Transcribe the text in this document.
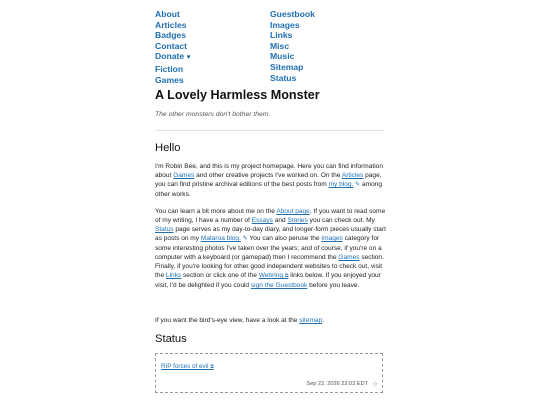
About
Articles
Badges
Contact
Donate ♥
Fiction
Games
Guestbook
Images
Links
Misc
Music
Sitemap
Status
A Lovely Harmless Monster

The other monsters don't bother them.

Hello

I'm Robin Bee, and this is my project homepage. Here you can find information about Games and other creative projects I've worked on. On the Articles page, you can find pristine archival editions of the best posts from my blog. ✎ among other works.

You can learn a bit more about me on the About page. If you want to read some of my writing, I have a number of Essays and Stories you can check out. My Status page serves as my day-to-day diary, and longer-form pieces usually start as posts on my Mataroa blog. ✎ You can also peruse the Images category for some interesting photos I've taken over the years; and of course, if you're on a computer with a keyboard (or gamepad) then I recommend the Games section. Finally, if you're looking for other good independent websites to check out, visit the Links section or click one of the Webring ⧉ links below. If you enjoyed your visit, I'd be delighted if you could sign the Guestbook before you leave.

If you want the bird's-eye view, have a look at the sitemap.

Status
RIP forces of evil ⧉
Sep 22, 2026 22:03 EDT ☆
